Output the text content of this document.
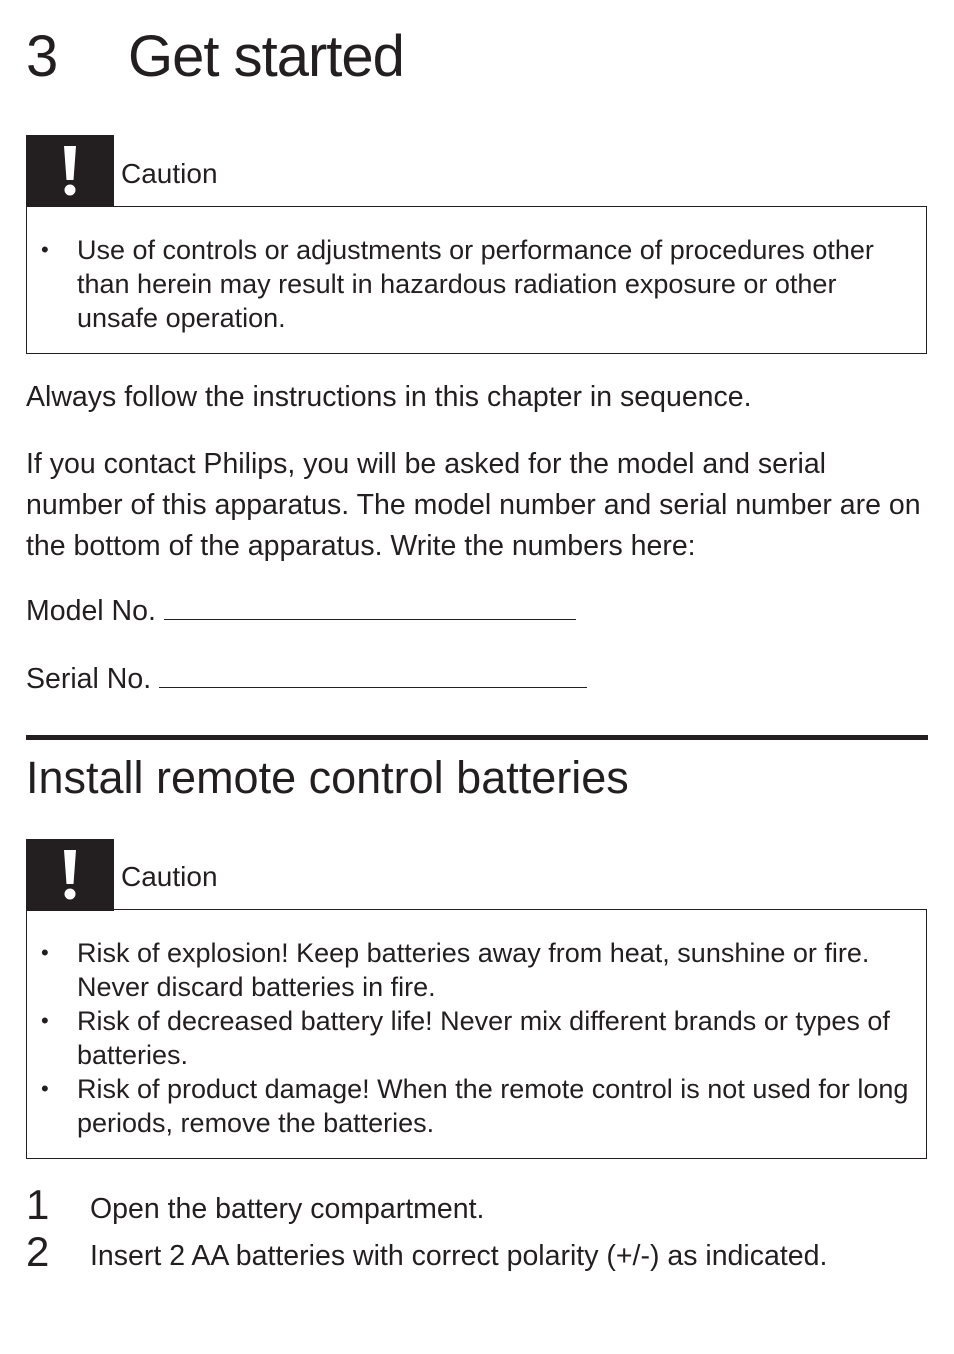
3 Get started
Caution
•	Use of controls or adjustments or performance of procedures other than herein may result in hazardous radiation exposure or other unsafe operation.
Always follow the instructions in this chapter in sequence.
If you contact Philips, you will be asked for the model and serial number of this apparatus. The model number and serial number are on the bottom of the apparatus. Write the numbers here:
Model No.
Serial No.
Install remote control batteries
Caution
•	Risk of explosion! Keep batteries away from heat, sunshine or fire. Never discard batteries in fire.
•	Risk of decreased battery life! Never mix different brands or types of batteries.
•	Risk of product damage! When the remote control is not used for long periods, remove the batteries.
1 Open the battery compartment.
2 Insert 2 AA batteries with correct polarity (+/-) as indicated.
